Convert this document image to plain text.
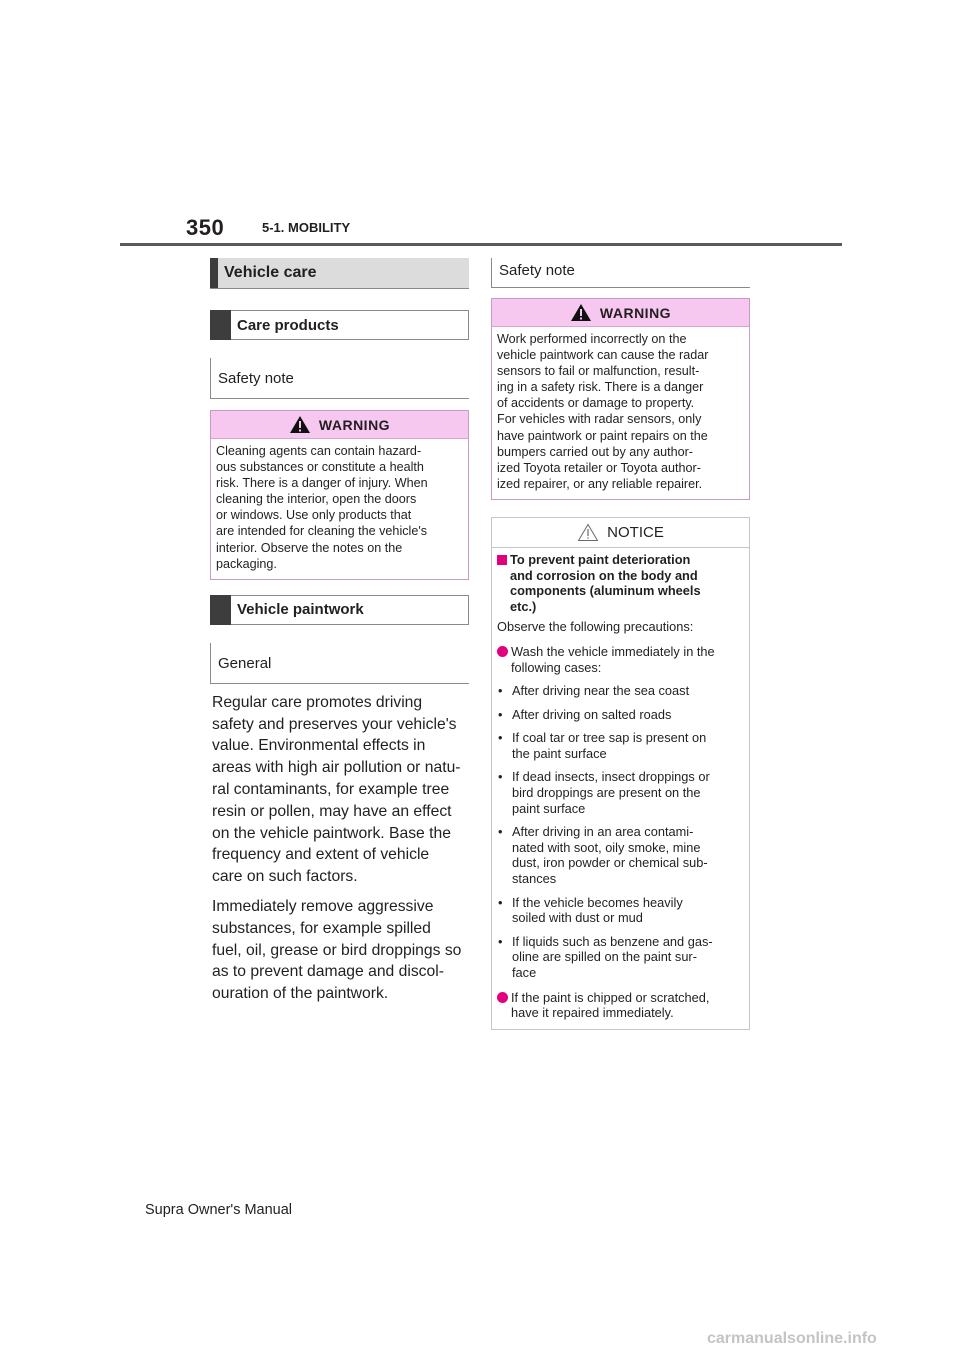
350	5-1. MOBILITY
Vehicle care
Care products
Safety note
WARNING
Cleaning agents can contain hazard-
ous substances or constitute a health
risk. There is a danger of injury. When
cleaning the interior, open the doors
or windows. Use only products that
are intended for cleaning the vehicle's
interior. Observe the notes on the
packaging.
Vehicle paintwork
General

Regular care promotes driving
safety and preserves your vehicle's
value. Environmental effects in
areas with high air pollution or natu-
ral contaminants, for example tree
resin or pollen, may have an effect
on the vehicle paintwork. Base the
frequency and extent of vehicle
care on such factors.

Immediately remove aggressive
substances, for example spilled
fuel, oil, grease or bird droppings so
as to prevent damage and discol-
ouration of the paintwork.

Safety note
WARNING
Work performed incorrectly on the
vehicle paintwork can cause the radar
sensors to fail or malfunction, result-
ing in a safety risk. There is a danger
of accidents or damage to property.
For vehicles with radar sensors, only
have paintwork or paint repairs on the
bumpers carried out by any author-
ized Toyota retailer or Toyota author-
ized repairer, or any reliable repairer.
NOTICE
To prevent paint deterioration
and corrosion on the body and
components (aluminum wheels
etc.)
Observe the following precautions:
Wash the vehicle immediately in the
following cases:
• After driving near the sea coast
• After driving on salted roads
• If coal tar or tree sap is present on
the paint surface
• If dead insects, insect droppings or
bird droppings are present on the
paint surface
• After driving in an area contami-
nated with soot, oily smoke, mine
dust, iron powder or chemical sub-
stances
• If the vehicle becomes heavily
soiled with dust or mud
• If liquids such as benzene and gas-
oline are spilled on the paint sur-
face
If the paint is chipped or scratched,
have it repaired immediately.
Supra Owner's Manual
carmanualsonline.info
